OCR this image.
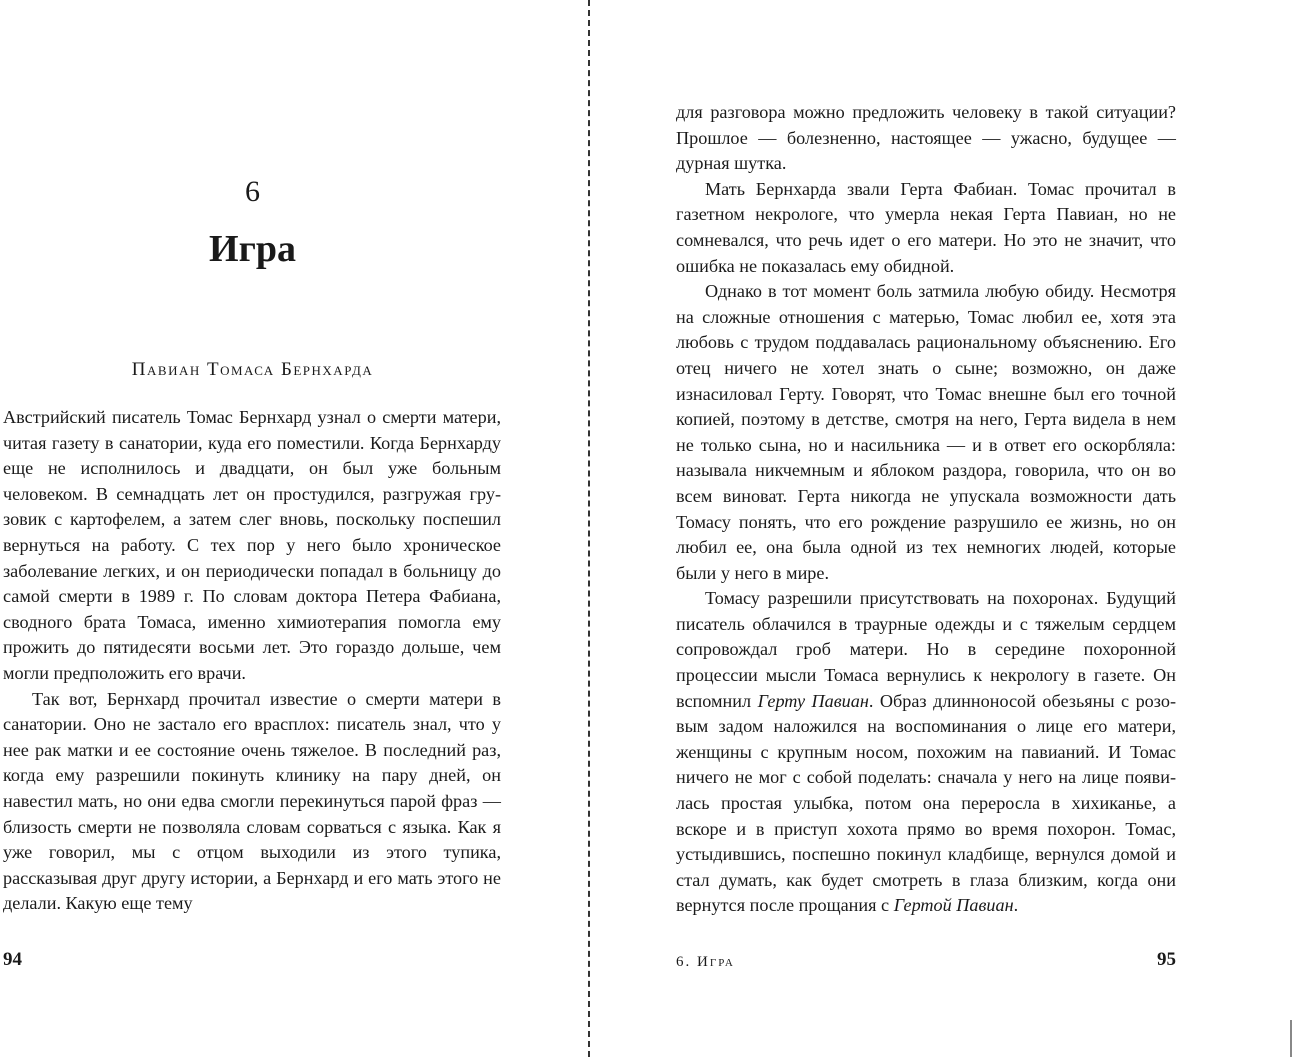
6
Игра
Павиан Томаса Бернхарда

Австрийский писатель Томас Бернхард узнал о смерти матери, читая газету в санатории, куда его поместили. Когда Бернхарду еще не исполнилось и двадцати, он был уже больным человеком. В семнадцать лет он простудился, разгружая грузовик с картофелем, а затем слег вновь, поскольку поспешил вернуться на работу. С тех пор у него было хроническое заболевание легких, и он периодически попадал в больницу до самой смерти в 1989 г. По словам доктора Петера Фабиана, сводного брата Томаса, именно химиотерапия помогла ему прожить до пятидесяти восьми лет. Это гораздо дольше, чем могли предположить его врачи.

Так вот, Бернхард прочитал известие о смерти матери в санатории. Оно не застало его врасплох: писатель знал, что у нее рак матки и ее состояние очень тяжелое. В последний раз, когда ему разрешили покинуть клинику на пару дней, он навестил мать, но они едва смогли перекинуться парой фраз — близость смерти не позволяла словам сорваться с языка. Как я уже говорил, мы с отцом выходили из этого тупика, рассказывая друг другу истории, а Бернхард и его мать этого не делали. Какую еще тему

94

для разговора можно предложить человеку в такой ситуации? Прошлое — болезненно, настоящее — ужасно, будущее — дурная шутка.

Мать Бернхарда звали Герта Фабиан. Томас прочитал в газетном некрологе, что умерла некая Герта Павиан, но не сомневался, что речь идет о его матери. Но это не значит, что ошибка не показалась ему обидной.

Однако в тот момент боль затмила любую обиду. Несмотря на сложные отношения с матерью, Томас любил ее, хотя эта любовь с трудом поддавалась рациональному объяснению. Его отец ничего не хотел знать о сыне; возможно, он даже изнасиловал Герту. Говорят, что Томас внешне был его точной копией, поэтому в детстве, смотря на него, Герта видела в нем не только сына, но и насильника — и в ответ его оскорбляла: называла никчемным и яблоком раздора, говорила, что он во всем виноват. Герта никогда не упускала возможности дать Томасу понять, что его рождение разрушило ее жизнь, но он любил ее, она была одной из тех немногих людей, которые были у него в мире.

Томасу разрешили присутствовать на похоронах. Будущий писатель облачился в траурные одежды и с тяжелым сердцем сопровождал гроб матери. Но в середине похоронной процессии мысли Томаса вернулись к некрологу в газете. Он вспомнил Герту Павиан. Образ длинноносой обезьяны с розовым задом наложился на воспоминания о лице его матери, женщины с крупным носом, похожим на павианий. И Томас ничего не мог с собой поделать: сначала у него на лице появилась простая улыбка, потом она переросла в хихиканье, а вскоре и в приступ хохота прямо во время похорон. Томас, устыдившись, поспешно покинул кладбище, вернулся домой и стал думать, как будет смотреть в глаза близким, когда они вернутся после прощания с Гертой Павиан.

6. Игра	95
